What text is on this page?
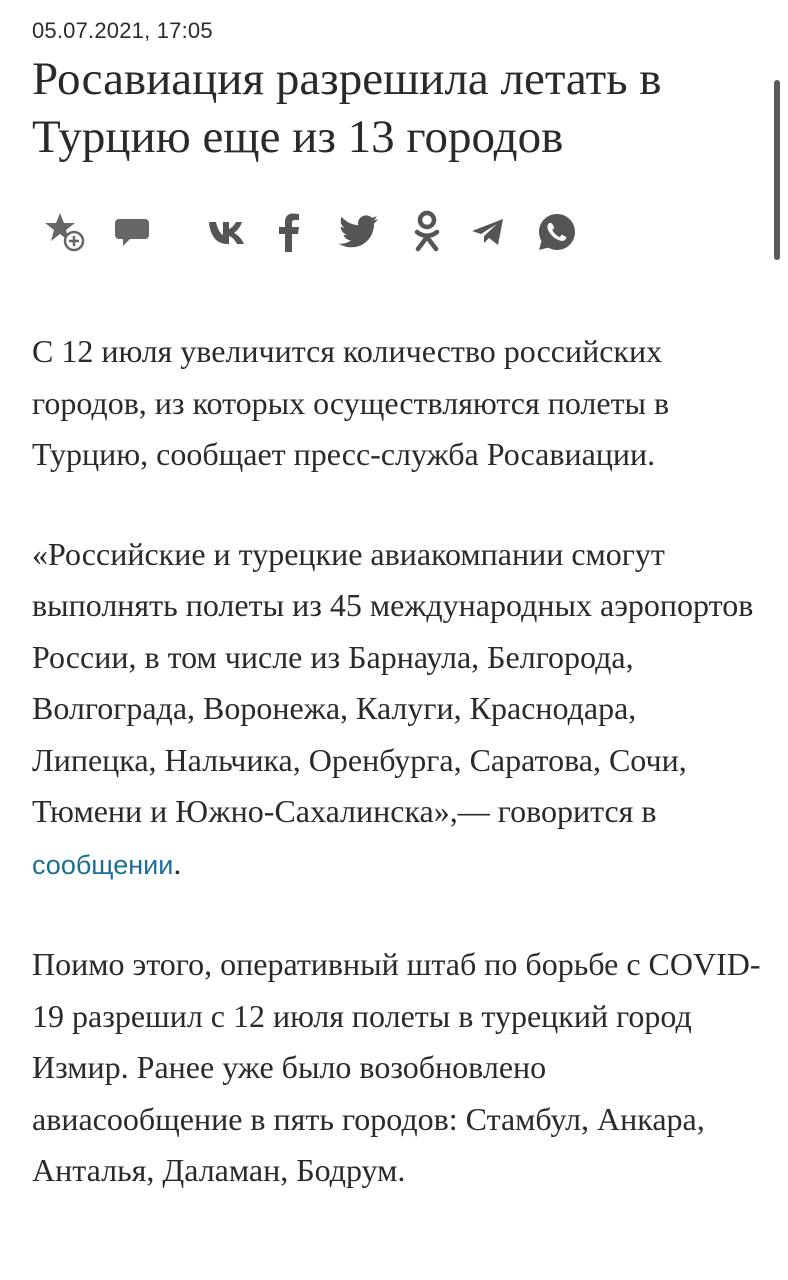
05.07.2021, 17:05
Росавиация разрешила летать в Турцию еще из 13 городов

С 12 июля увеличится количество российских городов, из которых осуществляются полеты в Турцию, сообщает пресс-служба Росавиации.

«Российские и турецкие авиакомпании смогут выполнять полеты из 45 международных аэропортов России, в том числе из Барнаула, Белгорода, Волгограда, Воронежа, Калуги, Краснодара, Липецка, Нальчика, Оренбурга, Саратова, Сочи, Тюмени и Южно-Сахалинска»,— говорится в сообщении.

Поимо этого, оперативный штаб по борьбе с COVID-19 разрешил с 12 июля полеты в турецкий город Измир. Ранее уже было возобновлено авиасообщение в пять городов: Стамбул, Анкара, Анталья, Даламан, Бодрум.
